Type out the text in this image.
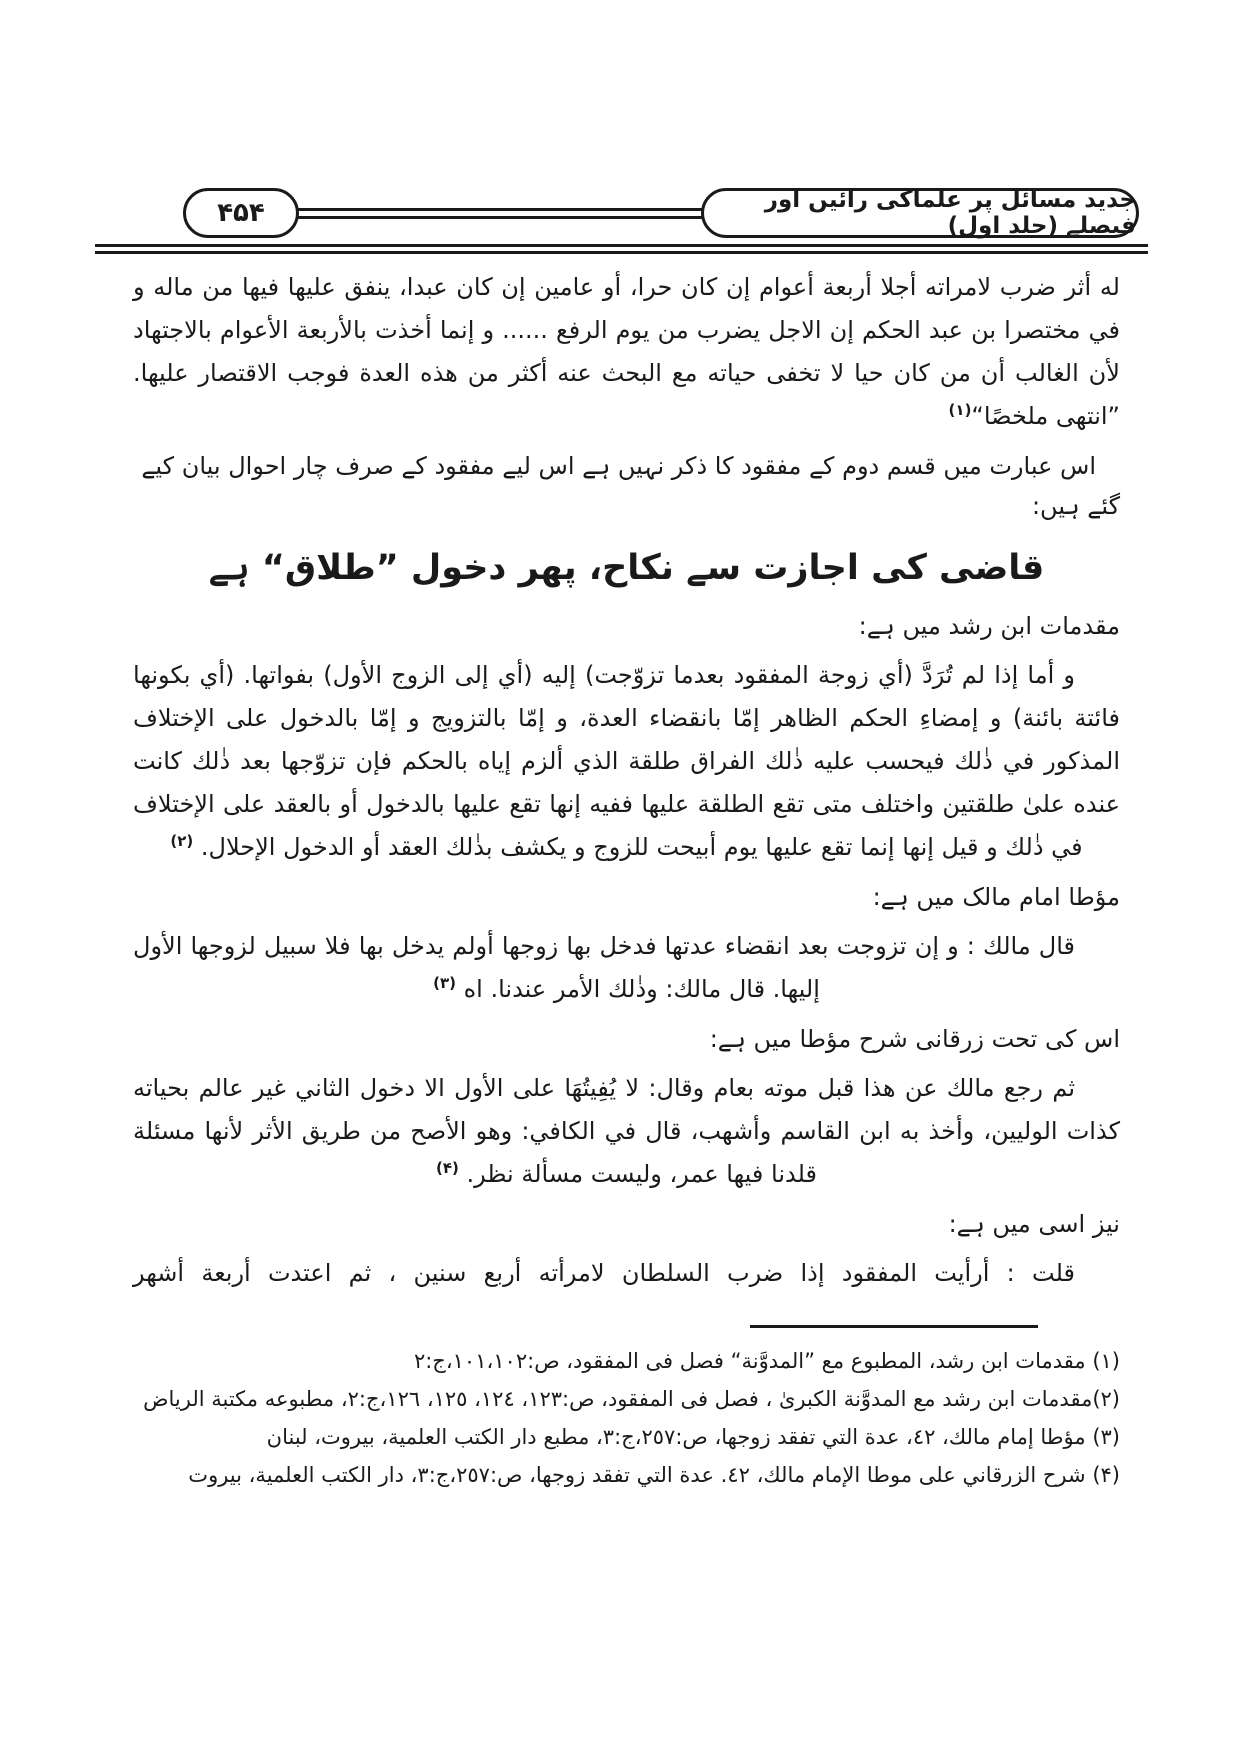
۴۵۴	جدید مسائل پر علماکی رائیں اور فیصلے (جلد اول)

له أثر ضرب لامراته أجلا أربعة أعوام إن كان حرا، أو عامين إن كان عبدا، ينفق عليها فيها من ماله و في مختصرا بن عبد الحكم إن الاجل يضرب من يوم الرفع ...... و إنما أخذت بالأربعة الأعوام بالاجتهاد لأن الغالب أن من كان حيا لا تخفى حياته مع البحث عنه أكثر من هذه العدة فوجب الاقتصار عليها. ”انتهى ملخصًا“$^{(١)}$

اس عبارت میں قسم دوم کے مفقود کا ذکر نہیں ہے اس لیے مفقود کے صرف چار احوال بیان کیے گئے ہیں:

قاضی کی اجازت سے نکاح، پھر دخول ”طلاق“ ہے

مقدمات ابن رشد میں ہے:

و أما إذا لم تُرَدَّ (أي زوجة المفقود بعدما تزوّجت) إليه (أي إلى الزوج الأول) بفواتها. (أي بكونها فائتة بائنة) و إمضاءِ الحكم الظاهر إمّا بانقضاء العدة، و إمّا بالتزويج و إمّا بالدخول على الإختلاف المذكور في ذٰلك فيحسب عليه ذٰلك الفراق طلقة الذي ألزم إياه بالحكم فإن تزوّجها بعد ذٰلك كانت عنده علىٰ طلقتين واختلف متى تقع الطلقة عليها ففيه إنها تقع عليها بالدخول أو بالعقد على الإختلاف في ذٰلك و قيل إنها إنما تقع عليها يوم أبيحت للزوج و يكشف بذٰلك العقد أو الدخول الإحلال. $^{(٢)}$

مؤطا امام مالک میں ہے:

قال مالك : و إن تزوجت بعد انقضاء عدتها فدخل بها زوجها أولم يدخل بها فلا سبيل لزوجها الأول إليها. قال مالك: وذٰلك الأمر عندنا. اه $^{(٣)}$

اس کی تحت زرقانی شرح مؤطا میں ہے:

ثم رجع مالك عن هذا قبل موته بعام وقال: لا يُفِيتُهَا على الأول الا دخول الثاني غير عالم بحياته كذات الوليين، وأخذ به ابن القاسم وأشهب، قال في الكافي: وهو الأصح من طريق الأثر لأنها مسئلة قلدنا فيها عمر، وليست مسألة نظر. $^{(۴)}$

نیز اسی میں ہے:

قلت : أرأيت المفقود إذا ضرب السلطان لامرأته أربع سنين ، ثم اعتدت أربعة أشهر

(١) مقدمات ابن رشد، المطبوع مع ”المدوَّنة“ فصل فى المفقود، ص:١٠١،١٠٢،ج:٢

(٢)مقدمات ابن رشد مع المدوَّنة الكبرىٰ ، فصل فى المفقود، ص:١٢٣، ١٢٤، ١٢٥، ١٢٦،ج:٢، مطبوعه مكتبة الرياض

(٣) مؤطا إمام مالك، ٤٢، عدة التي تفقد زوجها، ص:٢٥٧،ج:٣، مطبع دار الكتب العلمية، بيروت، لبنان

(۴) شرح الزرقاني على موطا الإمام مالك، ٤٢. عدة التي تفقد زوجها، ص:٢٥٧،ج:٣، دار الكتب العلمية، بيروت
